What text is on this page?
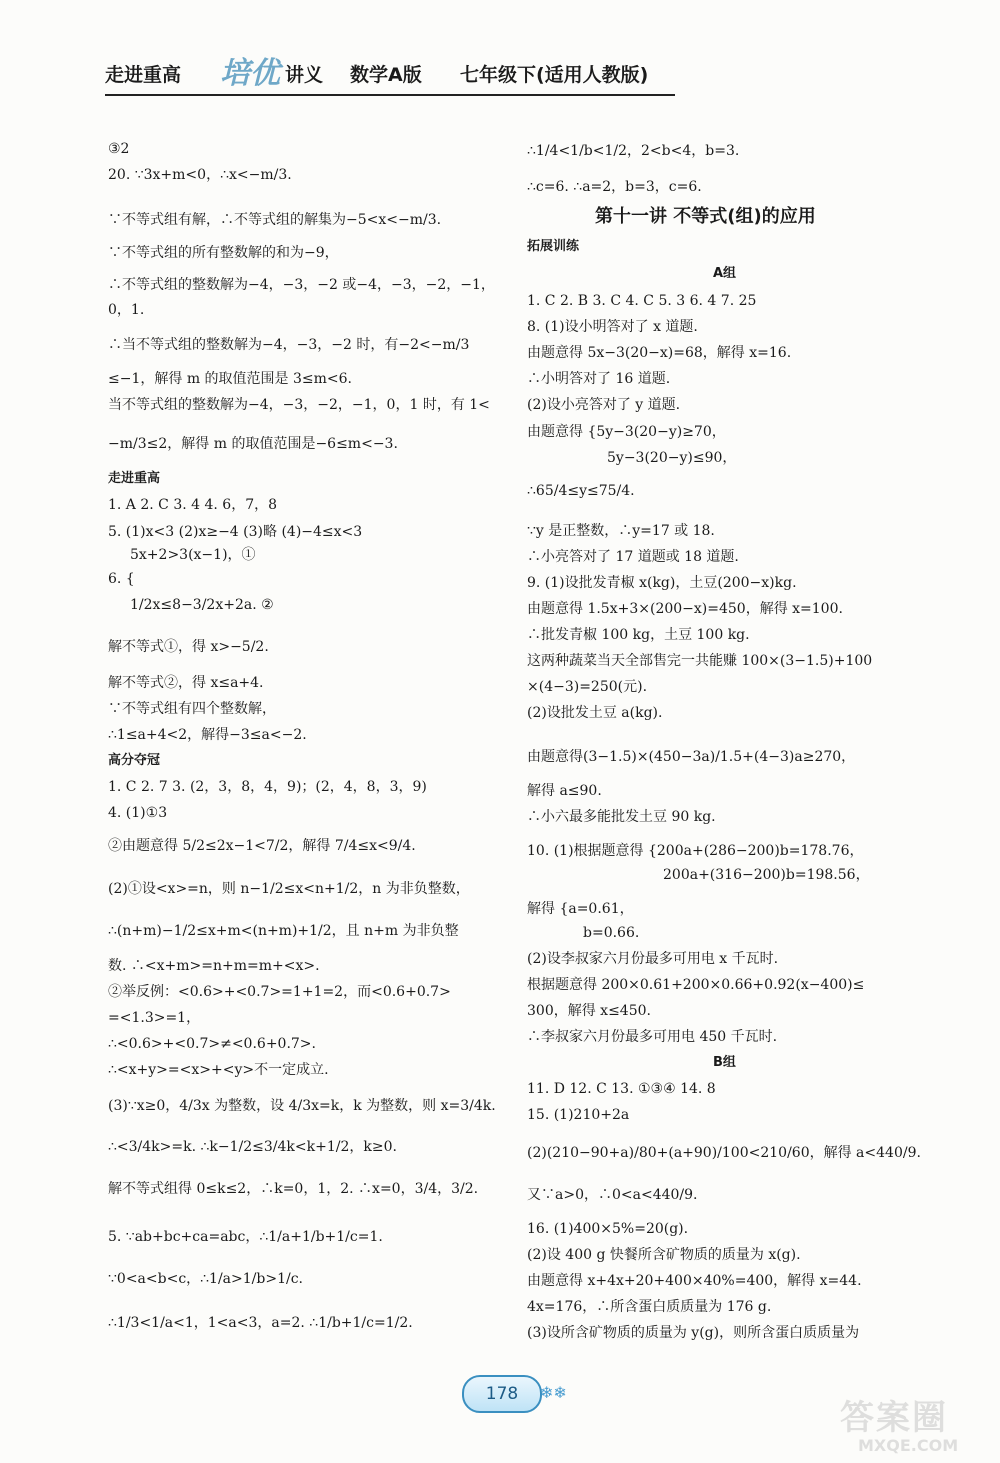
走进重高 培优 讲义 数学A版 七年级下(适用人教版)
③2
20. ∵3x+m<0，∴x<−m/3.
∵不等式组有解，∴不等式组的解集为−5<x<−m/3.
∵不等式组的所有整数解的和为−9，
∴不等式组的整数解为−4，−3，−2 或−4，−3，−2，−1，
0，1.
∴当不等式组的整数解为−4，−3，−2 时，有−2<−m/3
≤−1，解得 m 的取值范围是 3≤m<6.
当不等式组的整数解为−4，−3，−2，−1，0，1 时，有 1<
−m/3≤2，解得 m 的取值范围是−6≤m<−3.
走进重高
1. A 2. C 3. 4 4. 6，7，8
5. (1)x<3 (2)x≥−4 (3)略 (4)−4≤x<3
5x+2>3(x−1)，①
6. {
1/2x≤8−3/2x+2a. ②
解不等式①，得 x>−5/2.
解不等式②，得 x≤a+4.
∵不等式组有四个整数解，
∴1≤a+4<2，解得−3≤a<−2.
高分夺冠
1. C 2. 7 3. (2，3，8，4，9)；(2，4，8，3，9)
4. (1)①3
②由题意得 5/2≤2x−1<7/2，解得 7/4≤x<9/4.
(2)①设<x>=n，则 n−1/2≤x<n+1/2，n 为非负整数，
∴(n+m)−1/2≤x+m<(n+m)+1/2，且 n+m 为非负整
数. ∴<x+m>=n+m=m+<x>.
②举反例：<0.6>+<0.7>=1+1=2，而<0.6+0.7>
=<1.3>=1，
∴<0.6>+<0.7>≠<0.6+0.7>.
∴<x+y>=<x>+<y>不一定成立.
(3)∵x≥0，4/3x 为整数，设 4/3x=k，k 为整数，则 x=3/4k.
∴<3/4k>=k. ∴k−1/2≤3/4k<k+1/2，k≥0.
解不等式组得 0≤k≤2，∴k=0，1，2. ∴x=0，3/4，3/2.
5. ∵ab+bc+ca=abc，∴1/a+1/b+1/c=1.
∵0<a<b<c，∴1/a>1/b>1/c.
∴1/3<1/a<1，1<a<3，a=2. ∴1/b+1/c=1/2.
∴1/4<1/b<1/2，2<b<4，b=3.
∴c=6. ∴a=2，b=3，c=6.
第十一讲 不等式(组)的应用
拓展训练
A组
1. C 2. B 3. C 4. C 5. 3 6. 4 7. 25
8. (1)设小明答对了 x 道题.
由题意得 5x−3(20−x)=68，解得 x=16.
∴小明答对了 16 道题.
(2)设小亮答对了 y 道题.
由题意得 {5y−3(20−y)≥70，
5y−3(20−y)≤90，
∴65/4≤y≤75/4.
∵y 是正整数，∴y=17 或 18.
∴小亮答对了 17 道题或 18 道题.
9. (1)设批发青椒 x(kg)，土豆(200−x)kg.
由题意得 1.5x+3×(200−x)=450，解得 x=100.
∴批发青椒 100 kg，土豆 100 kg.
这两种蔬菜当天全部售完一共能赚 100×(3−1.5)+100
×(4−3)=250(元).
(2)设批发土豆 a(kg).
由题意得(3−1.5)×(450−3a)/1.5+(4−3)a≥270，
解得 a≤90.
∴小六最多能批发土豆 90 kg.
10. (1)根据题意得 {200a+(286−200)b=178.76，
200a+(316−200)b=198.56，
解得 {a=0.61，
b=0.66.
(2)设李叔家六月份最多可用电 x 千瓦时.
根据题意得 200×0.61+200×0.66+0.92(x−400)≤
300，解得 x≤450.
∴李叔家六月份最多可用电 450 千瓦时.
B组
11. D 12. C 13. ①③④ 14. 8
15. (1)210+2a
(2)(210−90+a)/80+(a+90)/100<210/60，解得 a<440/9.
又∵a>0，∴0<a<440/9.
16. (1)400×5%=20(g).
(2)设 400 g 快餐所含矿物质的质量为 x(g).
由题意得 x+4x+20+400×40%=400，解得 x=44.
4x=176，∴所含蛋白质质量为 176 g.
(3)设所含矿物质的质量为 y(g)，则所含蛋白质质量为
178	❄❄
答案圈
MXQE.COM
